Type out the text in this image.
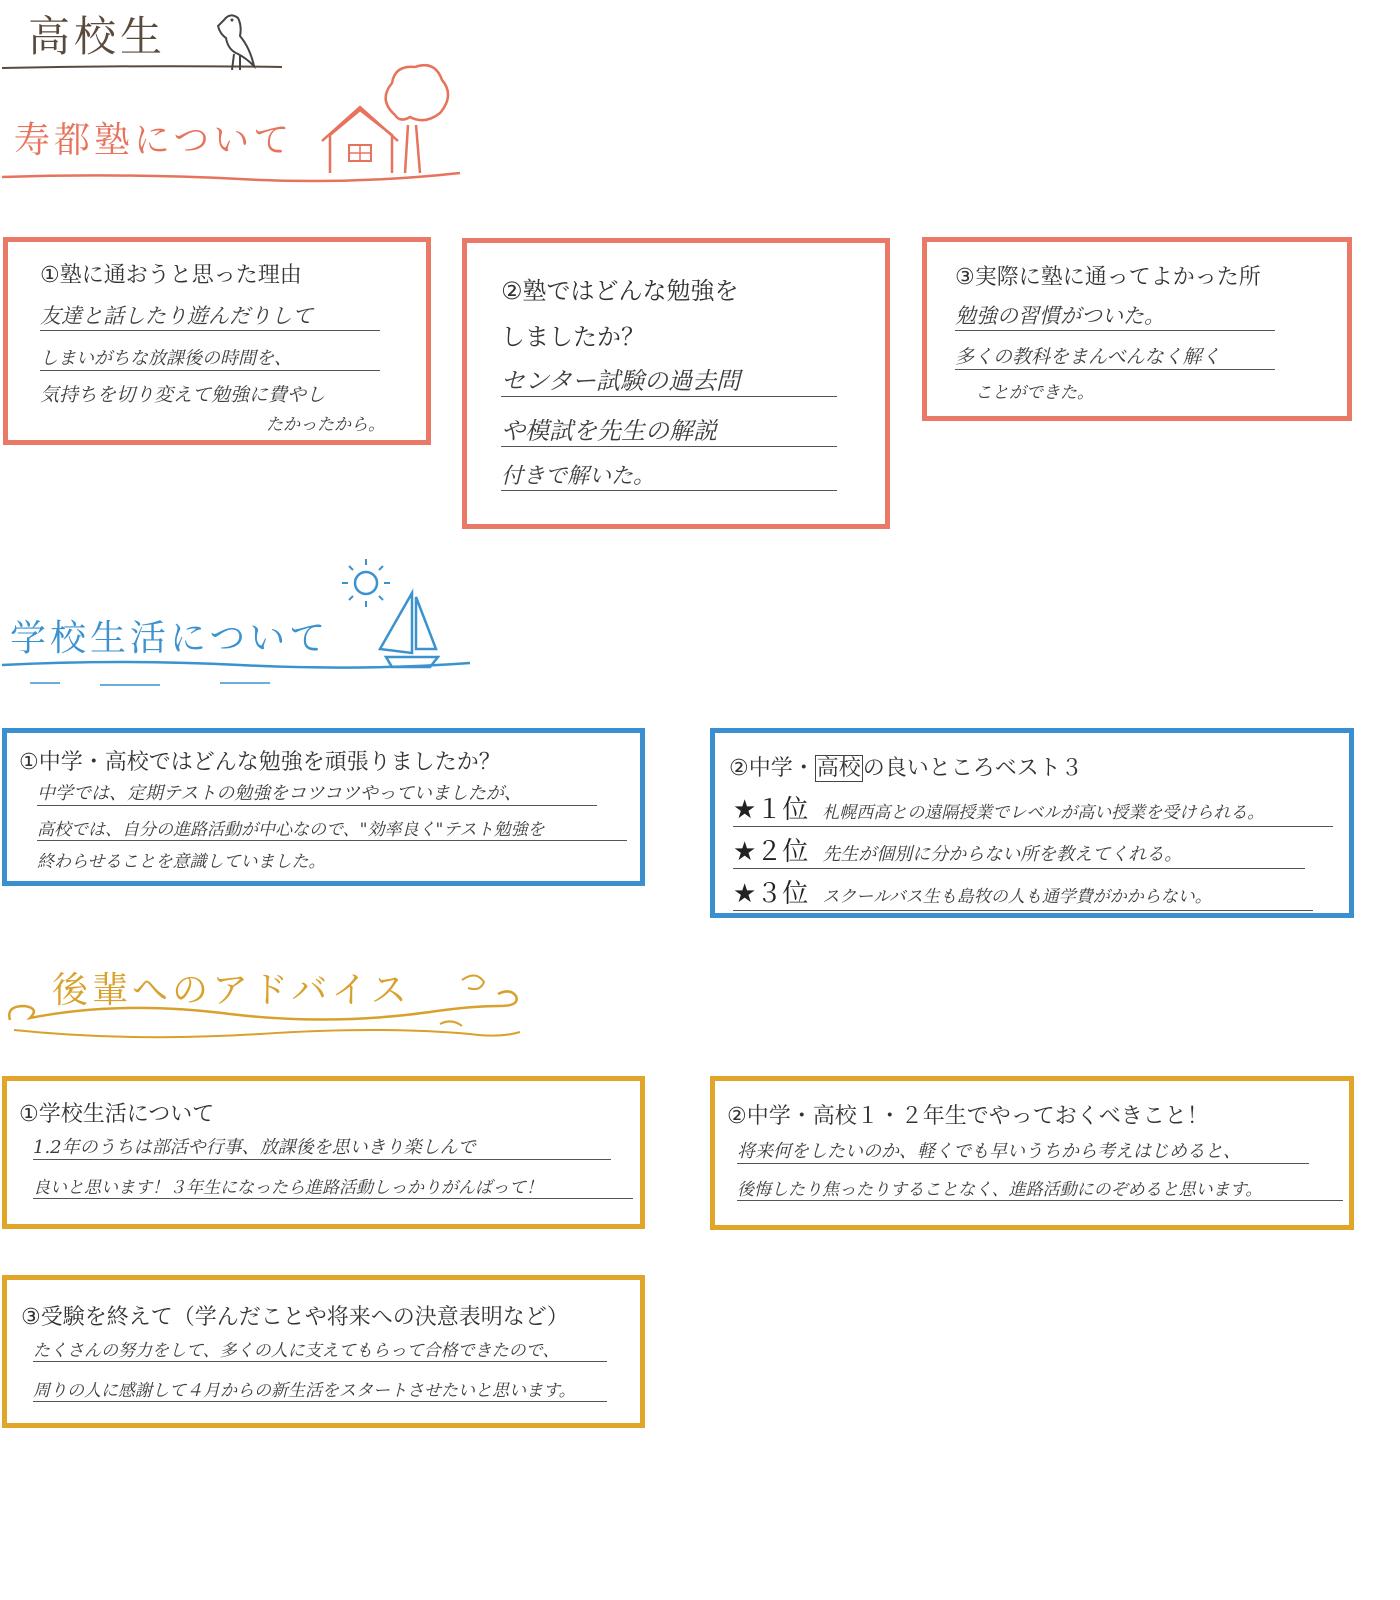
高校生
寿都塾について
①塾に通おうと思った理由
友達と話したり遊んだりして
しまいがちな放課後の時間を、
気持ちを切り変えて勉強に費やし
たかったから。
②塾ではどんな勉強を
しましたか？
センター試験の過去問
や模試を先生の解説
付きで解いた。
③実際に塾に通ってよかった所
勉強の習慣がついた。
多くの教科をまんべんなく解く
ことができた。
学校生活について
①中学・高校ではどんな勉強を頑張りましたか？
中学では、定期テストの勉強をコツコツやっていましたが、
高校では、自分の進路活動が中心なので、"効率良く"テスト勉強を
終わらせることを意識していました。
②中学・高校の良いところベスト３
★１位 札幌西高との遠隔授業でレベルが高い授業を受けられる。
★２位 先生が個別に分からない所を教えてくれる。
★３位 スクールバス生も島牧の人も通学費がかからない。
後輩へのアドバイス
①学校生活について
1.2年のうちは部活や行事、放課後を思いきり楽しんで
良いと思います！３年生になったら進路活動しっかりがんばって！
②中学・高校１・２年生でやっておくべきこと！
将来何をしたいのか、軽くでも早いうちから考えはじめると、
後悔したり焦ったりすることなく、進路活動にのぞめると思います。
③受験を終えて（学んだことや将来への決意表明など）
たくさんの努力をして、多くの人に支えてもらって合格できたので、
周りの人に感謝して４月からの新生活をスタートさせたいと思います。
